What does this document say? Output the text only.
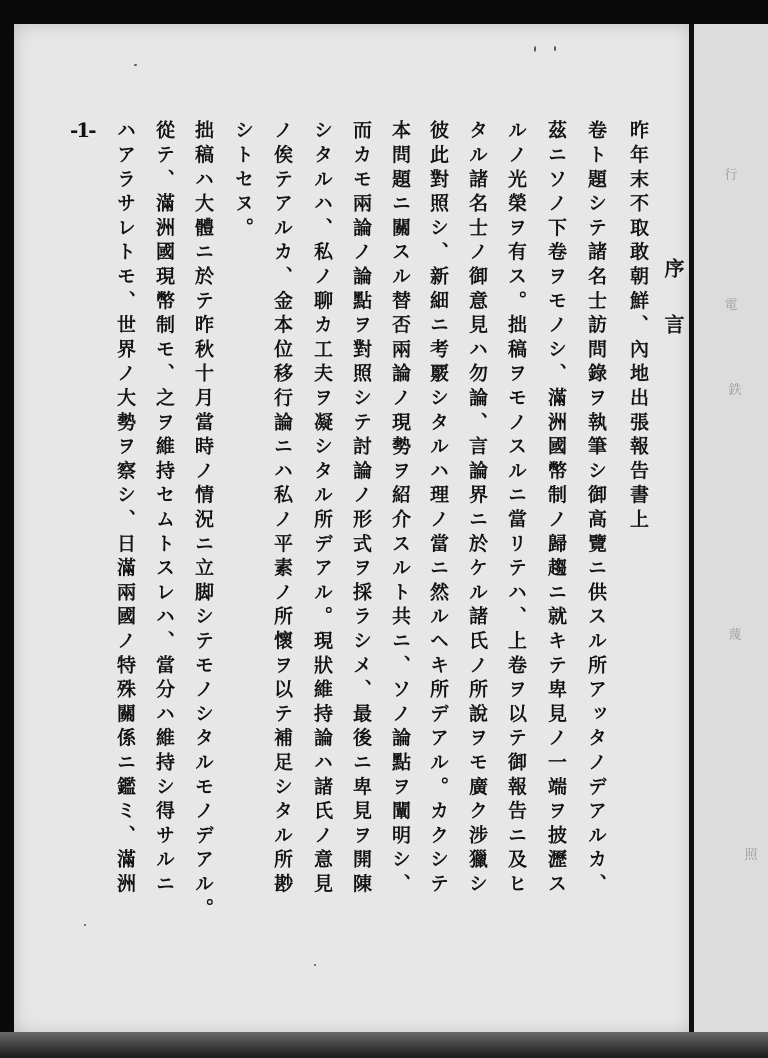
-1-
序言
昨年末不取敢朝鮮、內地出張報告書上
卷ト題シテ諸名士訪問錄ヲ執筆シ御高覽ニ供スル所アッタノデアルカ、
茲ニソノ下卷ヲモノシ、滿洲國幣制ノ歸趨ニ就キテ卑見ノ一端ヲ披瀝ス
ルノ光榮ヲ有ス。拙稿ヲモノスルニ當リテハ、上卷ヲ以テ御報告ニ及ヒ
タル諸名士ノ御意見ハ勿論、言論界ニ於ケル諸氏ノ所說ヲモ廣ク涉獵シ
彼此對照シ、新細ニ考覈シタルハ理ノ當ニ然ルヘキ所デアル。カクシテ
本問題ニ關スル替否兩論ノ現勢ヲ紹介スルト共ニ、ソノ論點ヲ闡明シ、
而カモ兩論ノ論點ヲ對照シテ討論ノ形式ヲ採ラシメ、最後ニ卑見ヲ開陳
シタルハ、私ノ聊カ工夫ヲ凝シタル所デアル。現狀維持論ハ諸氏ノ意見
ノ俟テアルカ、金本位移行論ニハ私ノ平素ノ所懷ヲ以テ補足シタル所尠
シトセヌ。
拙稿ハ大體ニ於テ昨秋十月當時ノ情況ニ立脚シテモノシタルモノデアル。
從テ、滿洲國現幣制モ、之ヲ維持セムトスレハ、當分ハ維持シ得サルニ
ハアラサレトモ、世界ノ大勢ヲ察シ、日滿兩國ノ特殊關係ニ鑑ミ、滿洲	行
電
鉄
蔑
照
